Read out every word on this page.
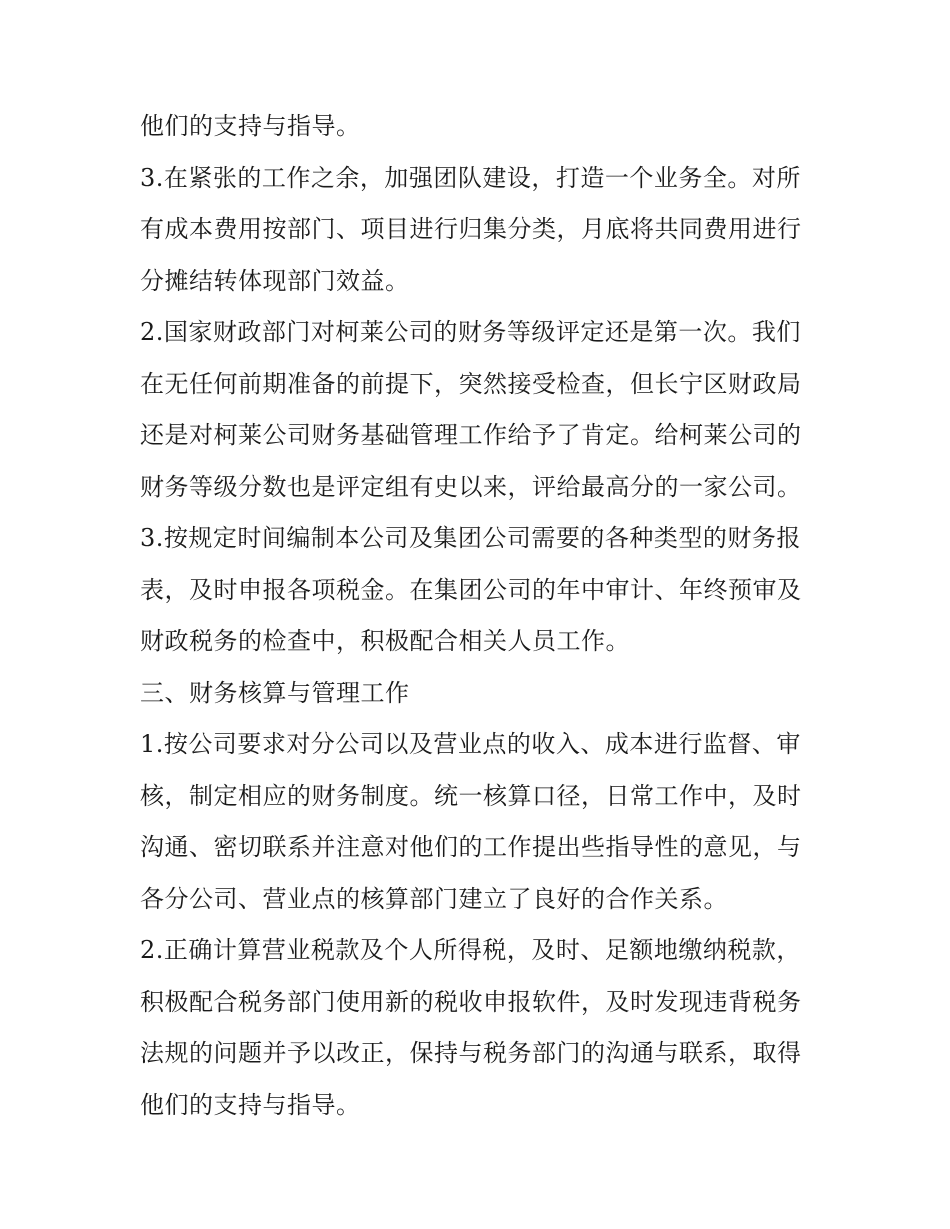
他们的支持与指导。
3.在紧张的工作之余，加强团队建设，打造一个业务全。对所
有成本费用按部门、项目进行归集分类，月底将共同费用进行
分摊结转体现部门效益。
2.国家财政部门对柯莱公司的财务等级评定还是第一次。我们
在无任何前期准备的前提下，突然接受检查，但长宁区财政局
还是对柯莱公司财务基础管理工作给予了肯定。给柯莱公司的
财务等级分数也是评定组有史以来，评给最高分的一家公司。
3.按规定时间编制本公司及集团公司需要的各种类型的财务报
表，及时申报各项税金。在集团公司的年中审计、年终预审及
财政税务的检查中，积极配合相关人员工作。
三、财务核算与管理工作
1.按公司要求对分公司以及营业点的收入、成本进行监督、审
核，制定相应的财务制度。统一核算口径，日常工作中，及时
沟通、密切联系并注意对他们的工作提出些指导性的意见，与
各分公司、营业点的核算部门建立了良好的合作关系。
2.正确计算营业税款及个人所得税，及时、足额地缴纳税款，
积极配合税务部门使用新的税收申报软件，及时发现违背税务
法规的问题并予以改正，保持与税务部门的沟通与联系，取得
他们的支持与指导。
